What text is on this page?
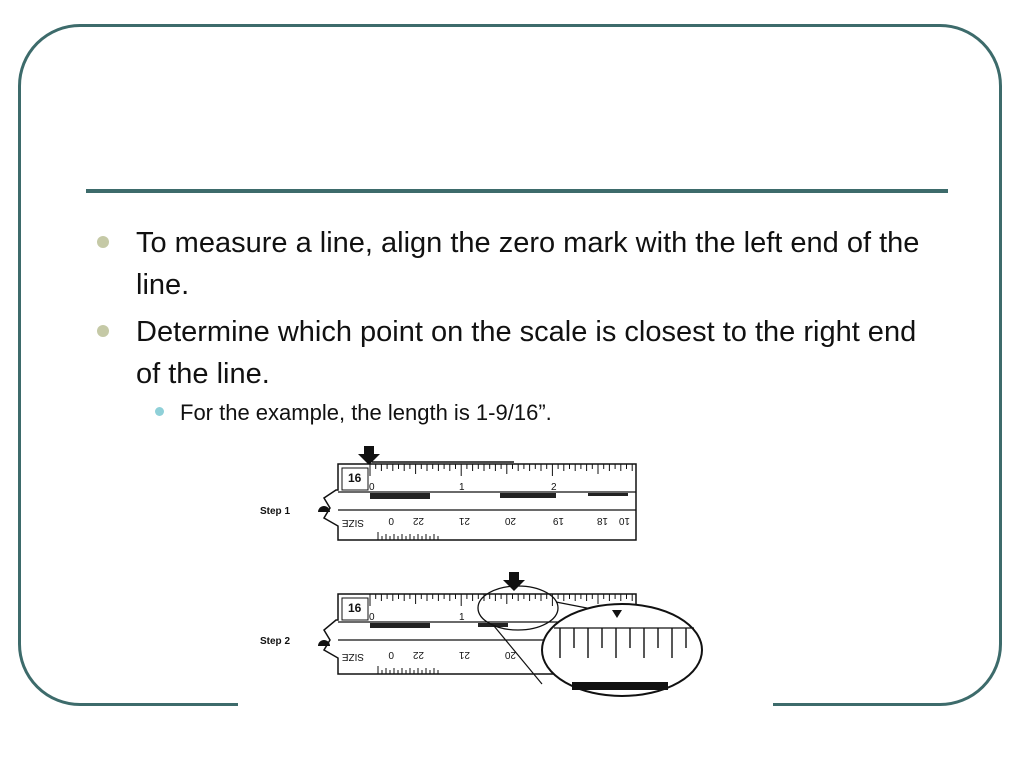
To measure a line, align the zero mark with the left end of the line.
Determine which point on the scale is closest to the right end of the line.
For the example, the length is 1-9/16”.
Step 1
16
0	1	2
SIZE 0 22	21	20	19	18 10
Step 2
16
0	1
SIZE 0 22	21	20
